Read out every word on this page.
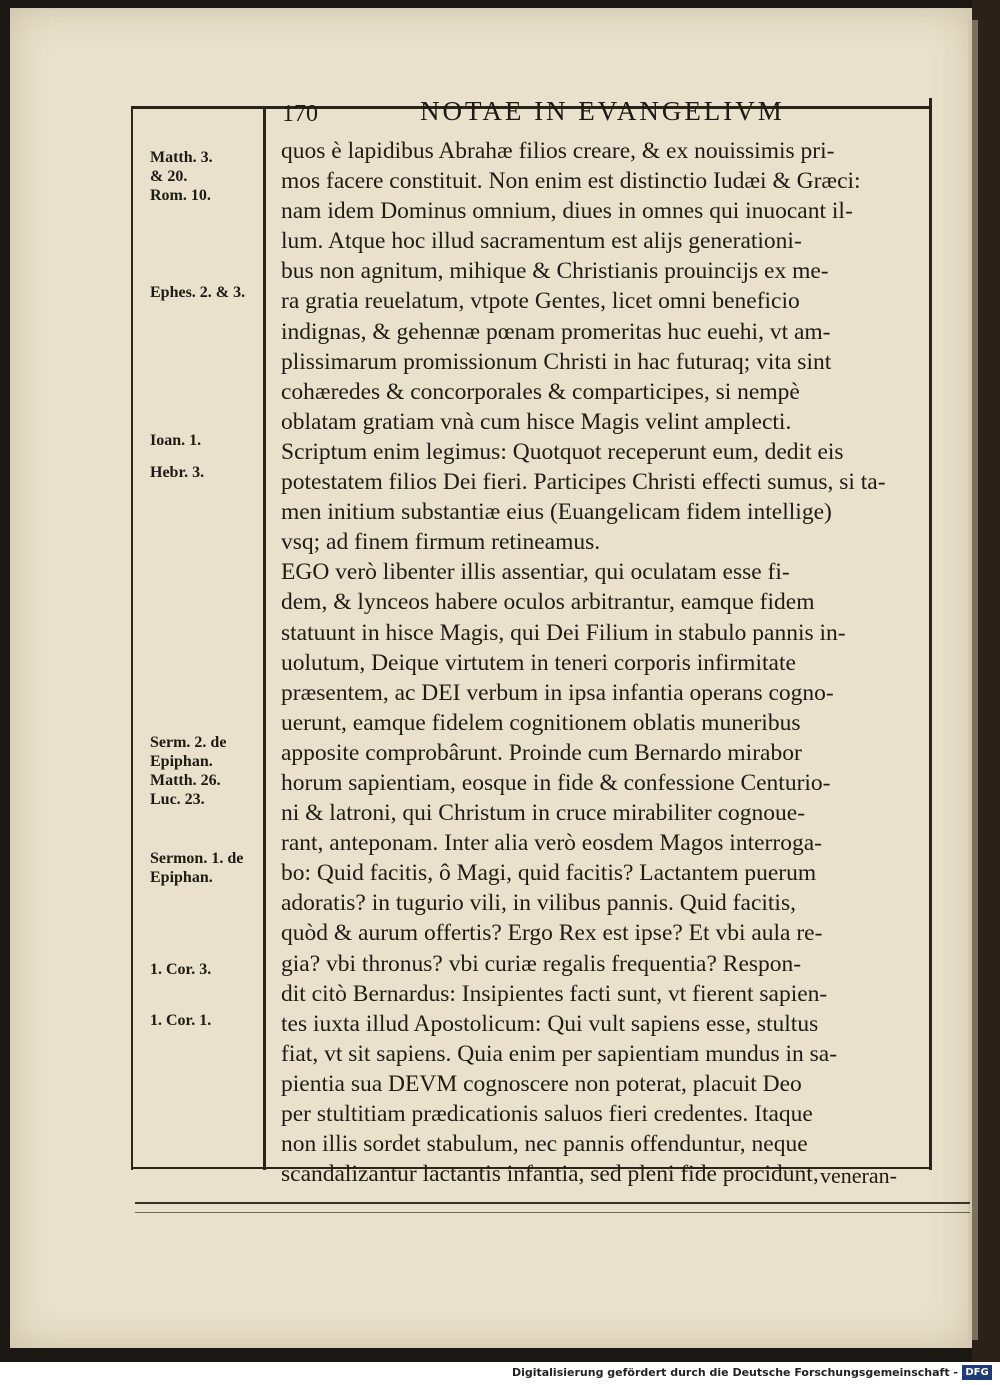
170	NOTAE IN EVANGELIVM
Matth. 3.
& 20.
Rom. 10.
Ephes. 2. & 3.
Ioan. 1.
Hebr. 3.
Serm. 2. de
Epiphan.
Matth. 26.
Luc. 23.
Sermon. 1. de
Epiphan.
1. Cor. 3.
1. Cor. 1.
quos è lapidibus Abrahæ filios creare, & ex nouissimis pri-
mos facere constituit. Non enim est distinctio Iudæi & Græci:
nam idem Dominus omnium, diues in omnes qui inuocant il-
lum. Atque hoc illud sacramentum est alijs generationi-
bus non agnitum, mihique & Christianis prouincijs ex me-
ra gratia reuelatum, vtpote Gentes, licet omni beneficio
indignas, & gehennæ pœnam promeritas huc euehi, vt am-
plissimarum promissionum Christi in hac futuraq; vita sint
cohæredes & concorporales & comparticipes, si nempè
oblatam gratiam vnà cum hisce Magis velint amplecti.
Scriptum enim legimus: Quotquot receperunt eum, dedit eis
potestatem filios Dei fieri. Participes Christi effecti sumus, si ta-
men initium substantiæ eius (Euangelicam fidem intellige)
vsq; ad finem firmum retineamus.
EGO verò libenter illis assentiar, qui oculatam esse fi-
dem, & lynceos habere oculos arbitrantur, eamque fidem
statuunt in hisce Magis, qui Dei Filium in stabulo pannis in-
uolutum, Deique virtutem in teneri corporis infirmitate
præsentem, ac DEI verbum in ipsa infantia operans cogno-
uerunt, eamque fidelem cognitionem oblatis muneribus
apposite comprobârunt. Proinde cum Bernardo mirabor
horum sapientiam, eosque in fide & confessione Centurio-
ni & latroni, qui Christum in cruce mirabiliter cognoue-
rant, anteponam. Inter alia verò eosdem Magos interroga-
bo: Quid facitis, ô Magi, quid facitis? Lactantem puerum
adoratis? in tugurio vili, in vilibus pannis. Quid facitis,
quòd & aurum offertis? Ergo Rex est ipse? Et vbi aula re-
gia? vbi thronus? vbi curiæ regalis frequentia? Respon-
dit citò Bernardus: Insipientes facti sunt, vt fierent sapien-
tes iuxta illud Apostolicum: Qui vult sapiens esse, stultus
fiat, vt sit sapiens. Quia enim per sapientiam mundus in sa-
pientia sua DEVM cognoscere non poterat, placuit Deo
per stultitiam prædicationis saluos fieri credentes. Itaque
non illis sordet stabulum, nec pannis offenduntur, neque
scandalizantur lactantis infantia, sed pleni fide procidunt, veneran-
Digitalisierung gefördert durch die Deutsche Forschungsgemeinschaft - DFG
